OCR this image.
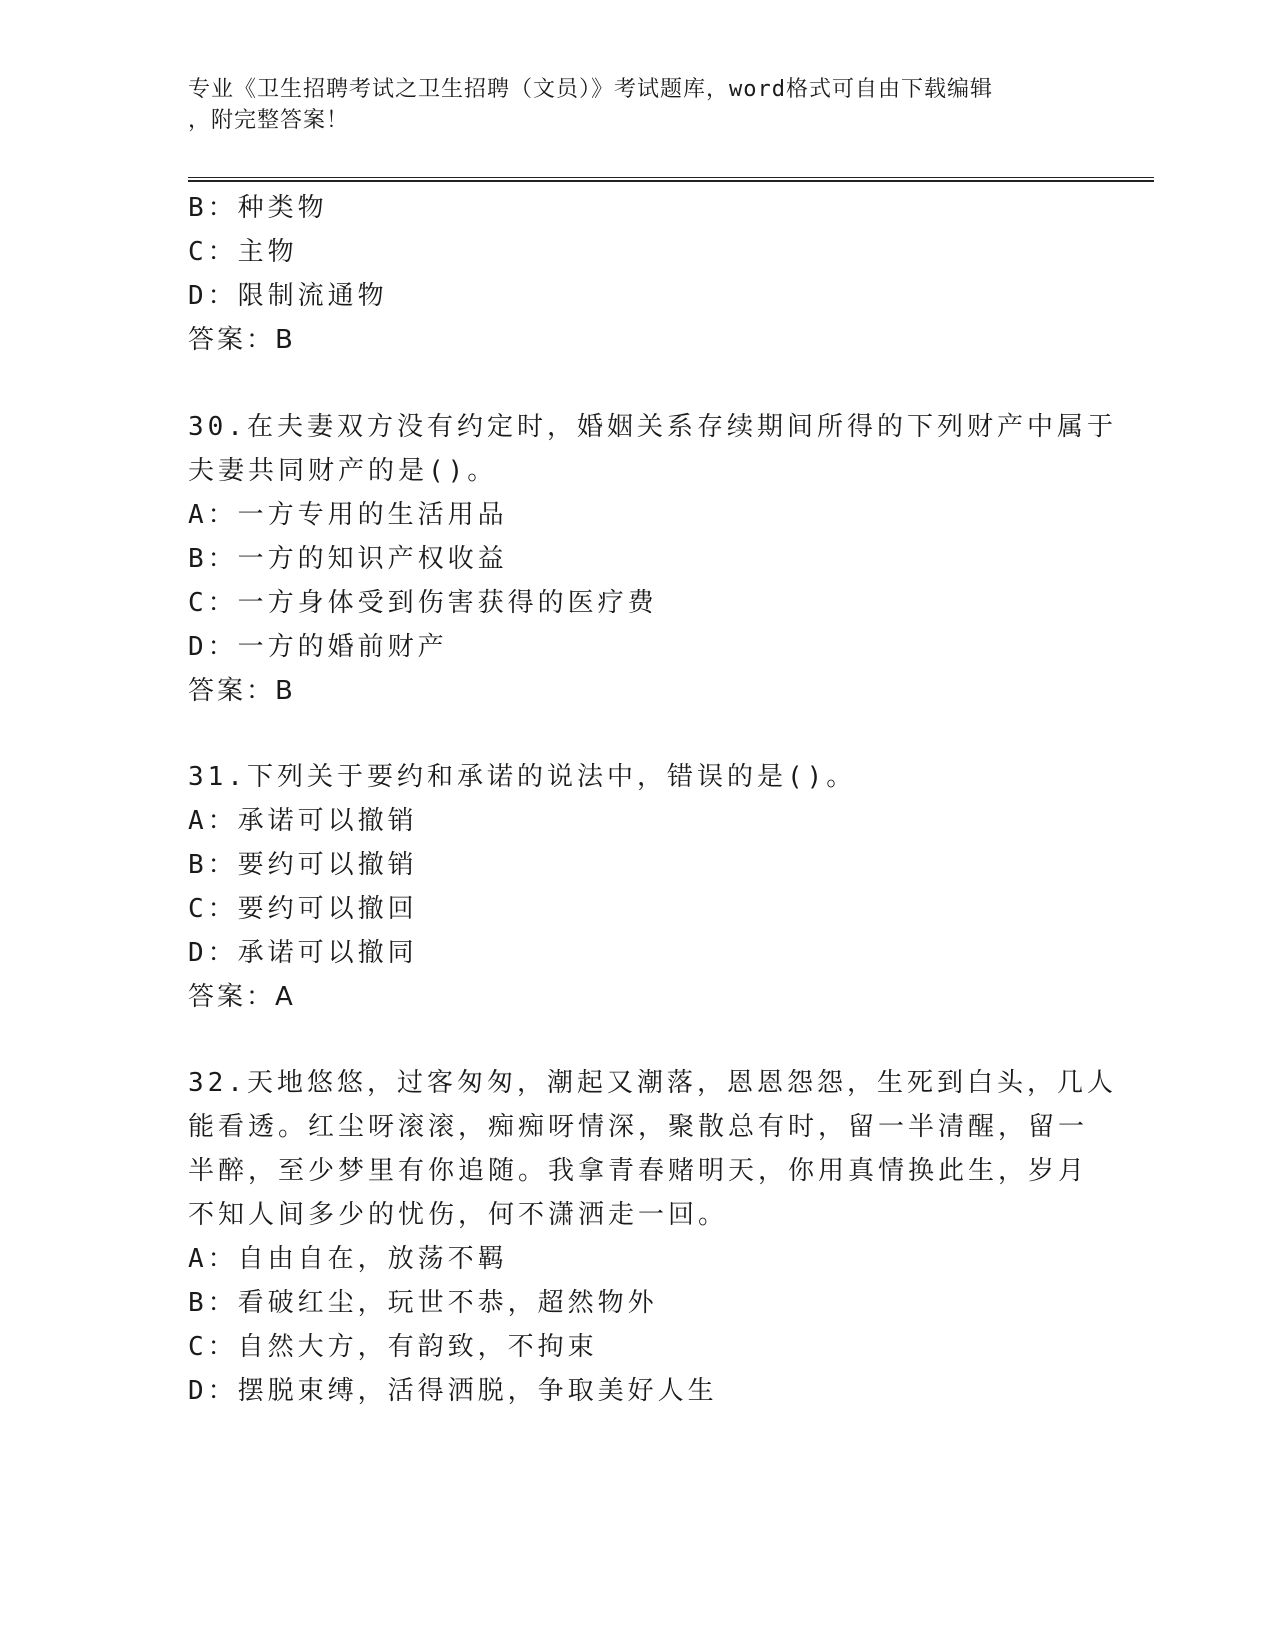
专业《卫生招聘考试之卫生招聘（文员）》考试题库，word格式可自由下载编辑
，附完整答案！
B：种类物
C：主物
D：限制流通物
答案：B
30.在夫妻双方没有约定时，婚姻关系存续期间所得的下列财产中属于
夫妻共同财产的是()。
A：一方专用的生活用品
B：一方的知识产权收益
C：一方身体受到伤害获得的医疗费
D：一方的婚前财产
答案：B
31.下列关于要约和承诺的说法中，错误的是()。
A：承诺可以撤销
B：要约可以撤销
C：要约可以撤回
D：承诺可以撤同
答案：A
32.天地悠悠，过客匆匆，潮起又潮落，恩恩怨怨，生死到白头，几人
能看透。红尘呀滚滚，痴痴呀情深，聚散总有时，留一半清醒，留一
半醉，至少梦里有你追随。我拿青春赌明天，你用真情换此生，岁月
不知人间多少的忧伤，何不潇洒走一回。
A：自由自在，放荡不羁
B：看破红尘，玩世不恭，超然物外
C：自然大方，有韵致，不拘束
D：摆脱束缚，活得洒脱，争取美好人生
